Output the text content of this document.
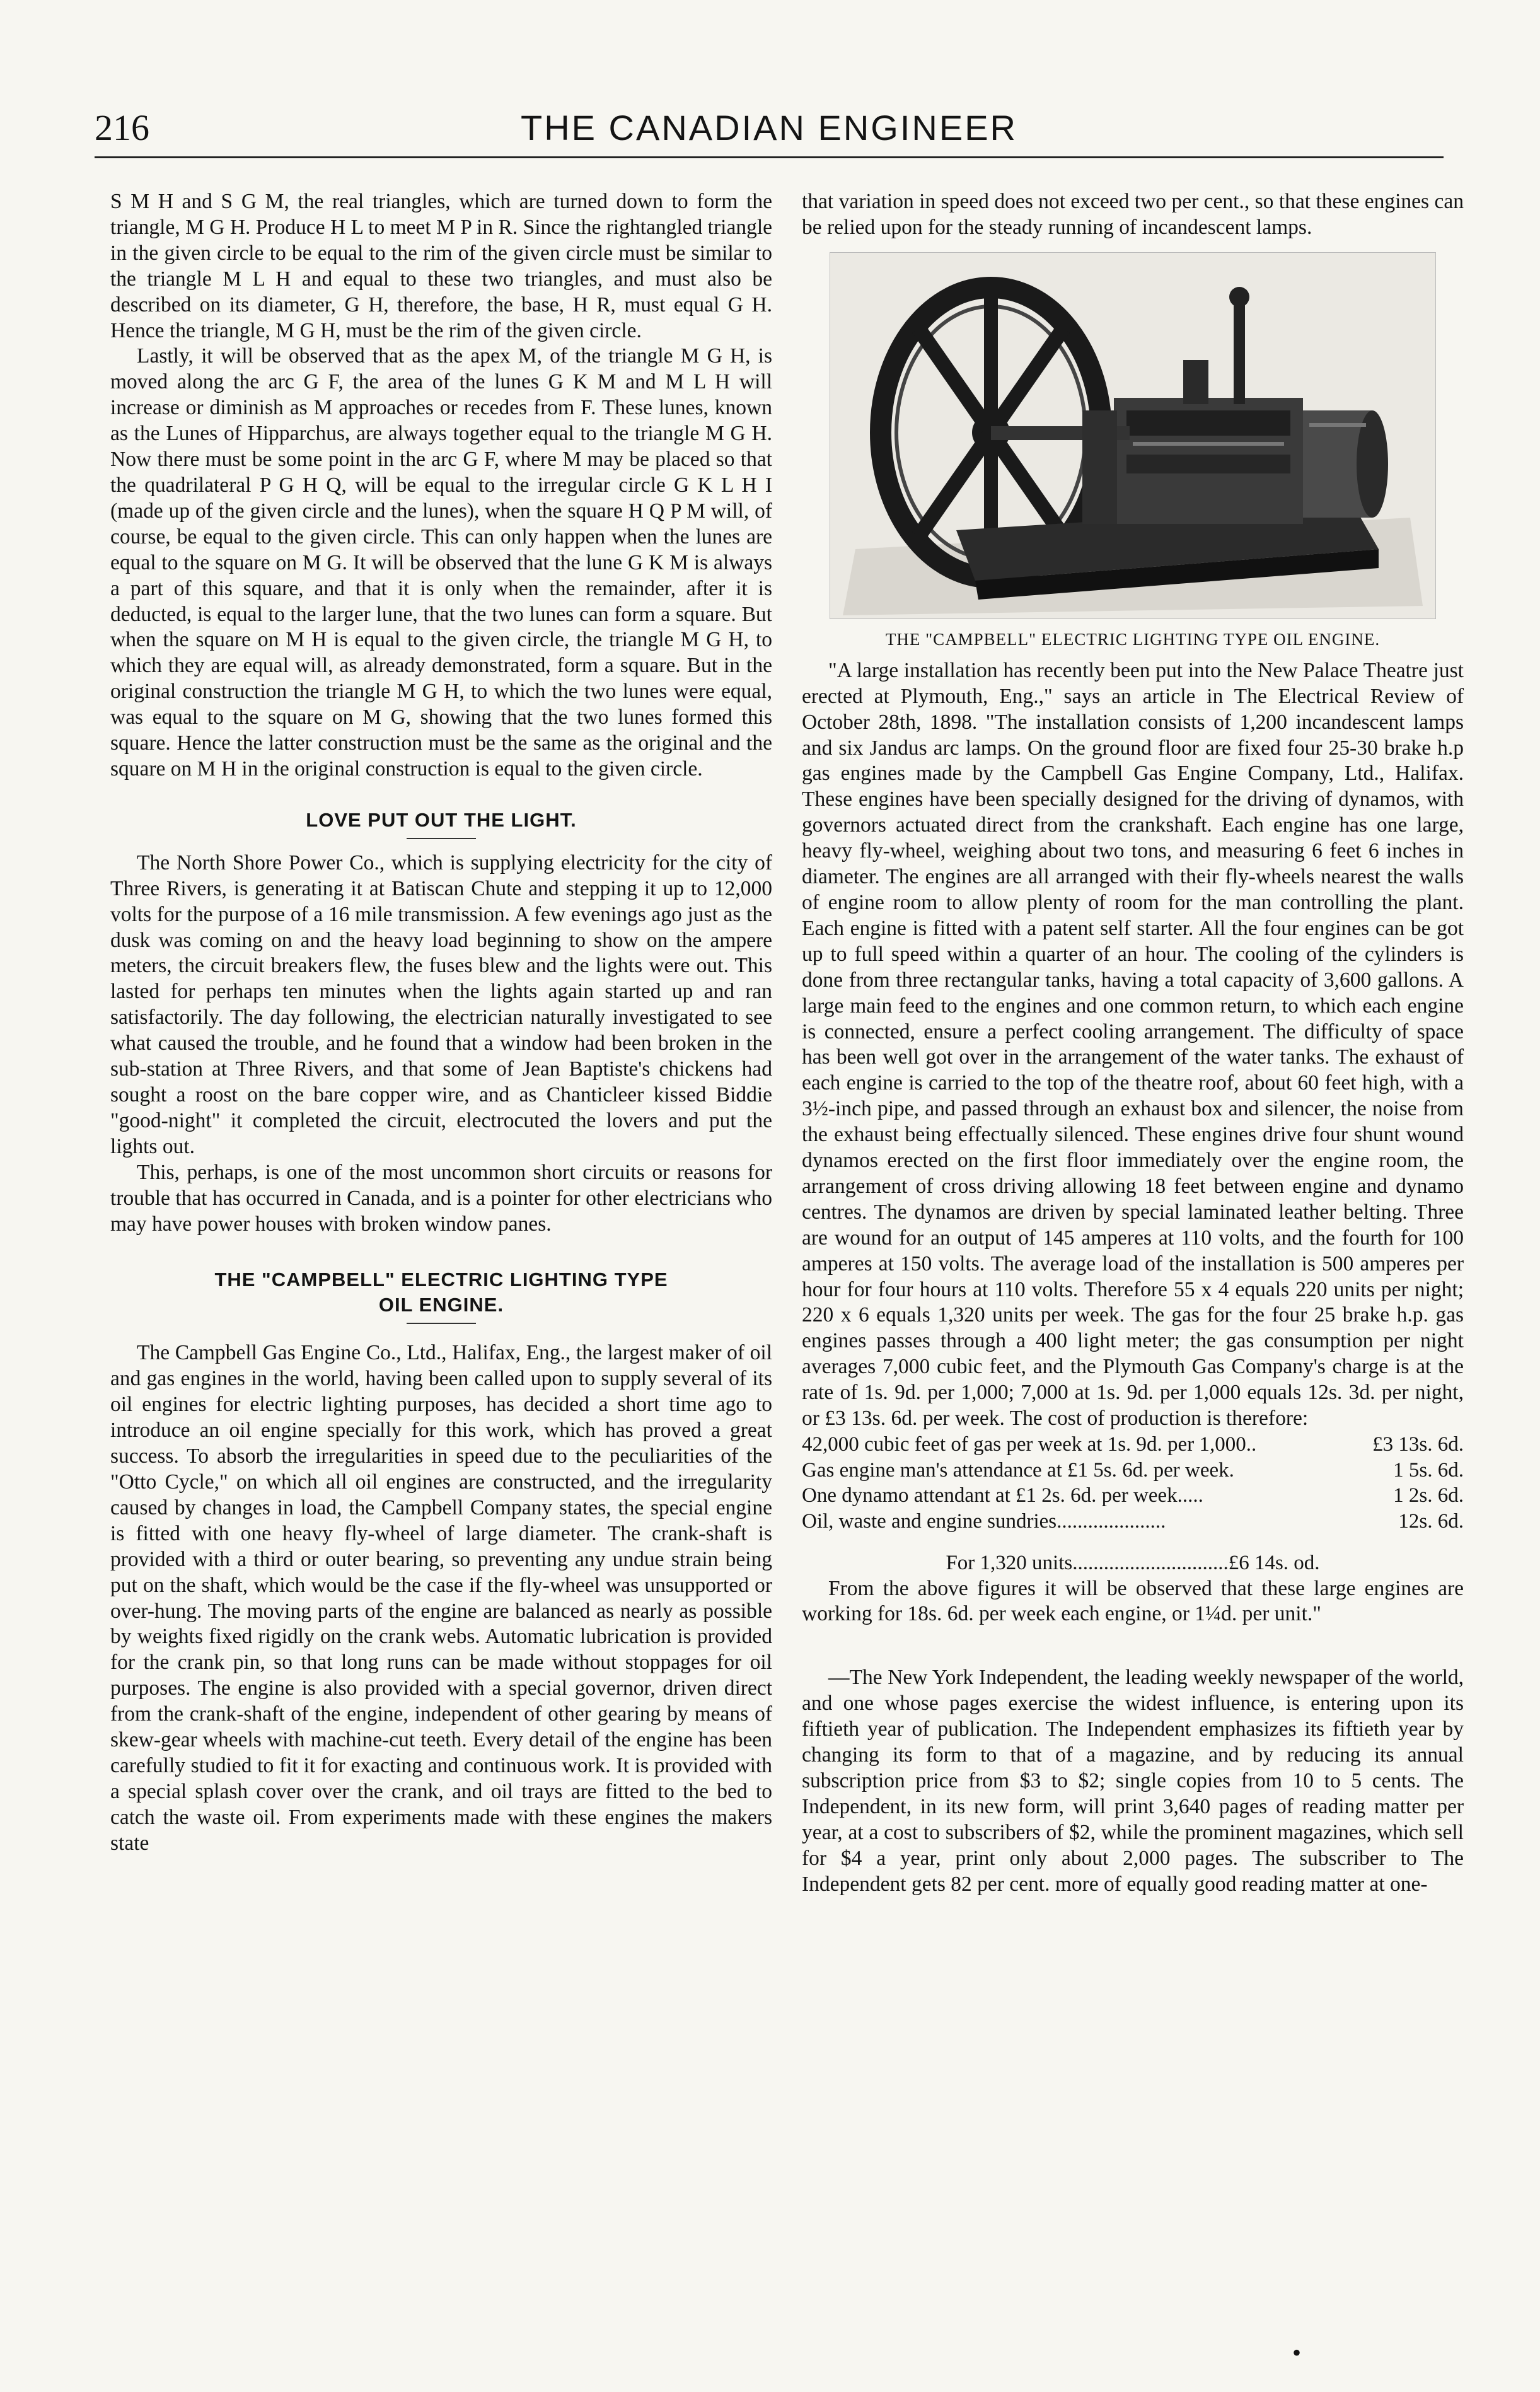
216	THE CANADIAN ENGINEER

S M H and S G M, the real triangles, which are turned down to form the triangle, M G H. Produce H L to meet M P in R. Since the rightangled triangle in the given circle to be equal to the rim of the given circle must be similar to the triangle M L H and equal to these two triangles, and must also be described on its diameter, G H, therefore, the base, H R, must equal G H. Hence the triangle, M G H, must be the rim of the given circle.

Lastly, it will be observed that as the apex M, of the triangle M G H, is moved along the arc G F, the area of the lunes G K M and M L H will increase or diminish as M approaches or recedes from F. These lunes, known as the Lunes of Hipparchus, are always together equal to the triangle M G H. Now there must be some point in the arc G F, where M may be placed so that the quadrilateral P G H Q, will be equal to the irregular circle G K L H I (made up of the given circle and the lunes), when the square H Q P M will, of course, be equal to the given circle. This can only happen when the lunes are equal to the square on M G. It will be observed that the lune G K M is always a part of this square, and that it is only when the remainder, after it is deducted, is equal to the larger lune, that the two lunes can form a square. But when the square on M H is equal to the given circle, the triangle M G H, to which they are equal will, as already demonstrated, form a square. But in the original construction the triangle M G H, to which the two lunes were equal, was equal to the square on M G, showing that the two lunes formed this square. Hence the latter construction must be the same as the original and the square on M H in the original construction is equal to the given circle.

LOVE PUT OUT THE LIGHT.

The North Shore Power Co., which is supplying electricity for the city of Three Rivers, is generating it at Batiscan Chute and stepping it up to 12,000 volts for the purpose of a 16 mile transmission. A few evenings ago just as the dusk was coming on and the heavy load beginning to show on the ampere meters, the circuit breakers flew, the fuses blew and the lights were out. This lasted for perhaps ten minutes when the lights again started up and ran satisfactorily. The day following, the electrician naturally investigated to see what caused the trouble, and he found that a window had been broken in the sub-station at Three Rivers, and that some of Jean Baptiste's chickens had sought a roost on the bare copper wire, and as Chanticleer kissed Biddie "good-night" it completed the circuit, electrocuted the lovers and put the lights out.

This, perhaps, is one of the most uncommon short circuits or reasons for trouble that has occurred in Canada, and is a pointer for other electricians who may have power houses with broken window panes.

THE "CAMPBELL" ELECTRIC LIGHTING TYPE
OIL ENGINE.

The Campbell Gas Engine Co., Ltd., Halifax, Eng., the largest maker of oil and gas engines in the world, having been called upon to supply several of its oil engines for electric lighting purposes, has decided a short time ago to introduce an oil engine specially for this work, which has proved a great success. To absorb the irregularities in speed due to the peculiarities of the "Otto Cycle," on which all oil engines are constructed, and the irregularity caused by changes in load, the Campbell Company states, the special engine is fitted with one heavy fly-wheel of large diameter. The crank-shaft is provided with a third or outer bearing, so preventing any undue strain being put on the shaft, which would be the case if the fly-wheel was unsupported or over-hung. The moving parts of the engine are balanced as nearly as possible by weights fixed rigidly on the crank webs. Automatic lubrication is provided for the crank pin, so that long runs can be made without stoppages for oil purposes. The engine is also provided with a special governor, driven direct from the crank-shaft of the engine, independent of other gearing by means of skew-gear wheels with machine-cut teeth. Every detail of the engine has been carefully studied to fit it for exacting and continuous work. It is provided with a special splash cover over the crank, and oil trays are fitted to the bed to catch the waste oil. From experiments made with these engines the makers state

that variation in speed does not exceed two per cent., so that these engines can be relied upon for the steady running of incandescent lamps.

THE "CAMPBELL" ELECTRIC LIGHTING TYPE OIL ENGINE.

"A large installation has recently been put into the New Palace Theatre just erected at Plymouth, Eng.," says an article in The Electrical Review of October 28th, 1898. "The installation consists of 1,200 incandescent lamps and six Jandus arc lamps. On the ground floor are fixed four 25-30 brake h.p gas engines made by the Campbell Gas Engine Company, Ltd., Halifax. These engines have been specially designed for the driving of dynamos, with governors actuated direct from the crankshaft. Each engine has one large, heavy fly-wheel, weighing about two tons, and measuring 6 feet 6 inches in diameter. The engines are all arranged with their fly-wheels nearest the walls of engine room to allow plenty of room for the man controlling the plant. Each engine is fitted with a patent self starter. All the four engines can be got up to full speed within a quarter of an hour. The cooling of the cylinders is done from three rectangular tanks, having a total capacity of 3,600 gallons. A large main feed to the engines and one common return, to which each engine is connected, ensure a perfect cooling arrangement. The difficulty of space has been well got over in the arrangement of the water tanks. The exhaust of each engine is carried to the top of the theatre roof, about 60 feet high, with a 3½-inch pipe, and passed through an exhaust box and silencer, the noise from the exhaust being effectually silenced. These engines drive four shunt wound dynamos erected on the first floor immediately over the engine room, the arrangement of cross driving allowing 18 feet between engine and dynamo centres. The dynamos are driven by special laminated leather belting. Three are wound for an output of 145 amperes at 110 volts, and the fourth for 100 amperes at 150 volts. The average load of the installation is 500 amperes per hour for four hours at 110 volts. Therefore 55 x 4 equals 220 units per night; 220 x 6 equals 1,320 units per week. The gas for the four 25 brake h.p. gas engines passes through a 400 light meter; the gas consumption per night averages 7,000 cubic feet, and the Plymouth Gas Company's charge is at the rate of 1s. 9d. per 1,000; 7,000 at 1s. 9d. per 1,000 equals 12s. 3d. per night, or £3 13s. 6d. per week. The cost of production is therefore:

42,000 cubic feet of gas per week at 1s. 9d. per 1,000..	£3 13s. 6d.
Gas engine man's attendance at £1 5s. 6d. per week.	1 5s. 6d.
One dynamo attendant at £1 2s. 6d. per week.....	1 2s. 6d.
Oil, waste and engine sundries.....................	12s. 6d.
For 1,320 units..............................£6 14s. od.

From the above figures it will be observed that these large engines are working for 18s. 6d. per week each engine, or 1¼d. per unit."

—The New York Independent, the leading weekly newspaper of the world, and one whose pages exercise the widest influence, is entering upon its fiftieth year of publication. The Independent emphasizes its fiftieth year by changing its form to that of a magazine, and by reducing its annual subscription price from $3 to $2; single copies from 10 to 5 cents. The Independent, in its new form, will print 3,640 pages of reading matter per year, at a cost to subscribers of $2, while the prominent magazines, which sell for $4 a year, print only about 2,000 pages. The subscriber to The Independent gets 82 per cent. more of equally good reading matter at one-

•
